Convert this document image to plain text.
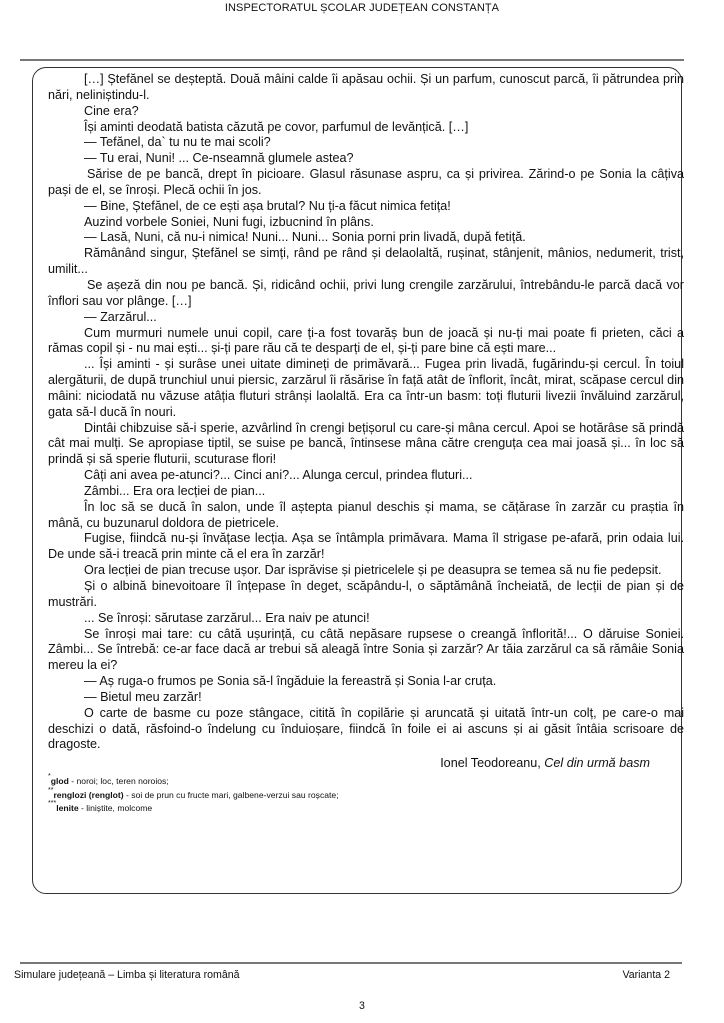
INSPECTORATUL ȘCOLAR JUDEȚEAN CONSTANȚA

[…] Ștefănel se deșteptă. Două mâini calde îi apăsau ochii. Și un parfum, cunoscut parcă, îi pătrundea prin nări, neliniștindu-l.

Cine era?

Își aminti deodată batista căzută pe covor, parfumul de levănțică. […]

— Tefănel, da` tu nu te mai scoli?

— Tu erai, Nuni! ... Ce-nseamnă glumele astea?

Sărise de pe bancă, drept în picioare. Glasul răsunase aspru, ca și privirea. Zărind-o pe Sonia la câțiva pași de el, se înroși. Plecă ochii în jos.

— Bine, Ștefănel, de ce ești așa brutal? Nu ți-a făcut nimica fetița!

Auzind vorbele Soniei, Nuni fugi, izbucnind în plâns.

— Lasă, Nuni, că nu-i nimica! Nuni... Nuni... Sonia porni prin livadă, după fetiță.

Rămânând singur, Ștefănel se simți, rând pe rând și delaolaltă, rușinat, stânjenit, mânios, nedumerit, trist, umilit...

Se așeză din nou pe bancă. Și, ridicând ochii, privi lung crengile zarzărului, întrebându-le parcă dacă vor înflori sau vor plânge. […]

— Zarzărul...

Cum murmuri numele unui copil, care ți-a fost tovarăș bun de joacă și nu-ți mai poate fi prieten, căci a rămas copil și - nu mai ești... și-ți pare rău că te desparți de el, și-ți pare bine că ești mare...

... Își aminti - și surâse unei uitate dimineți de primăvară... Fugea prin livadă, fugărindu-și cercul. În toiul alergăturii, de după trunchiul unui piersic, zarzărul îi răsărise în față atât de înflorit, încât, mirat, scăpase cercul din mâini: niciodată nu văzuse atâția fluturi strânși laolaltă. Era ca într-un basm: toți fluturii livezii învăluind zarzărul, gata să-l ducă în nouri.

Dintâi chibzuise să-i sperie, azvârlind în crengi bețișorul cu care-și mâna cercul. Apoi se hotărâse să prindă cât mai mulți. Se apropiase tiptil, se suise pe bancă, întinsese mâna către crenguța cea mai joasă și... în loc să prindă și să sperie fluturii, scuturase flori!

Câți ani avea pe-atunci?... Cinci ani?... Alunga cercul, prindea fluturi...

Zâmbi... Era ora lecției de pian...

În loc să se ducă în salon, unde îl aștepta pianul deschis și mama, se cățărase în zarzăr cu praștia în mână, cu buzunarul doldora de pietricele.

Fugise, fiindcă nu-și învățase lecția. Așa se întâmpla primăvara. Mama îl strigase pe-afară, prin odaia lui. De unde să-i treacă prin minte că el era în zarzăr!

Ora lecției de pian trecuse ușor. Dar isprăvise și pietricelele și pe deasupra se temea să nu fie pedepsit.

Și o albină binevoitoare îl înțepase în deget, scăpându-l, o săptămână încheiată, de lecții de pian și de mustrări.

... Se înroși: sărutase zarzărul... Era naiv pe atunci!

Se înroși mai tare: cu câtă ușurință, cu câtă nepăsare rupsese o creangă înflorită!... O dăruise Soniei. Zâmbi... Se întrebă: ce-ar face dacă ar trebui să aleagă între Sonia și zarzăr? Ar tăia zarzărul ca să rămâie Sonia mereu la ei?

— Aș ruga-o frumos pe Sonia să-l îngăduie la fereastră și Sonia l-ar cruța.

— Bietul meu zarzăr!

O carte de basme cu poze stângace, citită în copilărie și aruncată și uitată într-un colț, pe care-o mai deschizi o dată, răsfoind-o îndelung cu înduioșare, fiindcă în foile ei ai ascuns și ai găsit întâia scrisoare de dragoste.

Ionel Teodoreanu, Cel din urmă basm
*glod - noroi; loc, teren noroios;
**renglozi (renglot) - soi de prun cu fructe mari, galbene-verzui sau roșcate;
***lenite - liniștite, molcome
Simulare județeană – Limba și literatura română	Varianta 2
3
